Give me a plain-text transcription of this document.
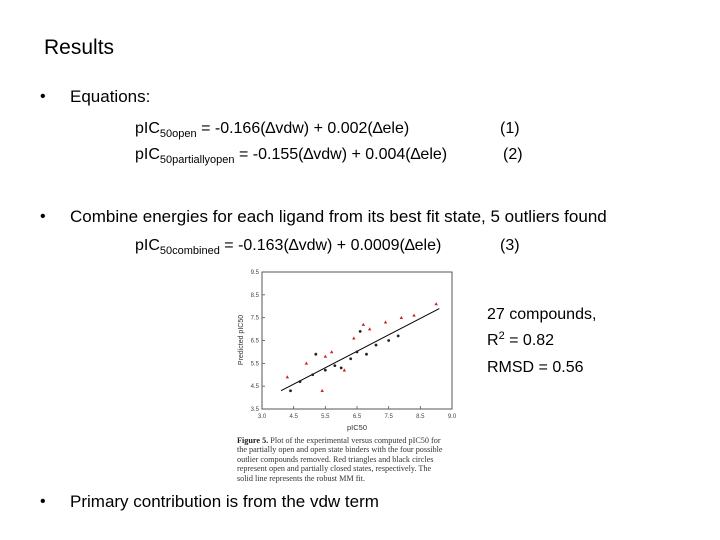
Results
• Equations:
pIC$_{50open}$ = -0.166(∆vdw) + 0.002(∆ele)	(1)
pIC$_{50partiallyopen}$ = -0.155(∆vdw) + 0.004(∆ele)	(2)
• Combine energies for each ligand from its best fit state, 5 outliers found
pIC$_{50combined}$ = -0.163(∆vdw) + 0.0009(∆ele)	(3)
27 compounds,
$R^2 = 0.82$
RMSD = 0.56
3.0	4.5	5.5	6.5	7.5	8.5	9.0
9.5
8.5
7.5
6.5
5.5
4.5
3.5
pIC50
Predicted pIC50
Figure 5. Plot of the experimental versus computed pIC50 for the partially open and open state binders with the four possible outlier compounds removed. Red triangles and black circles represent open and partially closed states, respectively. The solid line represents the robust MM fit.
• Primary contribution is from the vdw term
